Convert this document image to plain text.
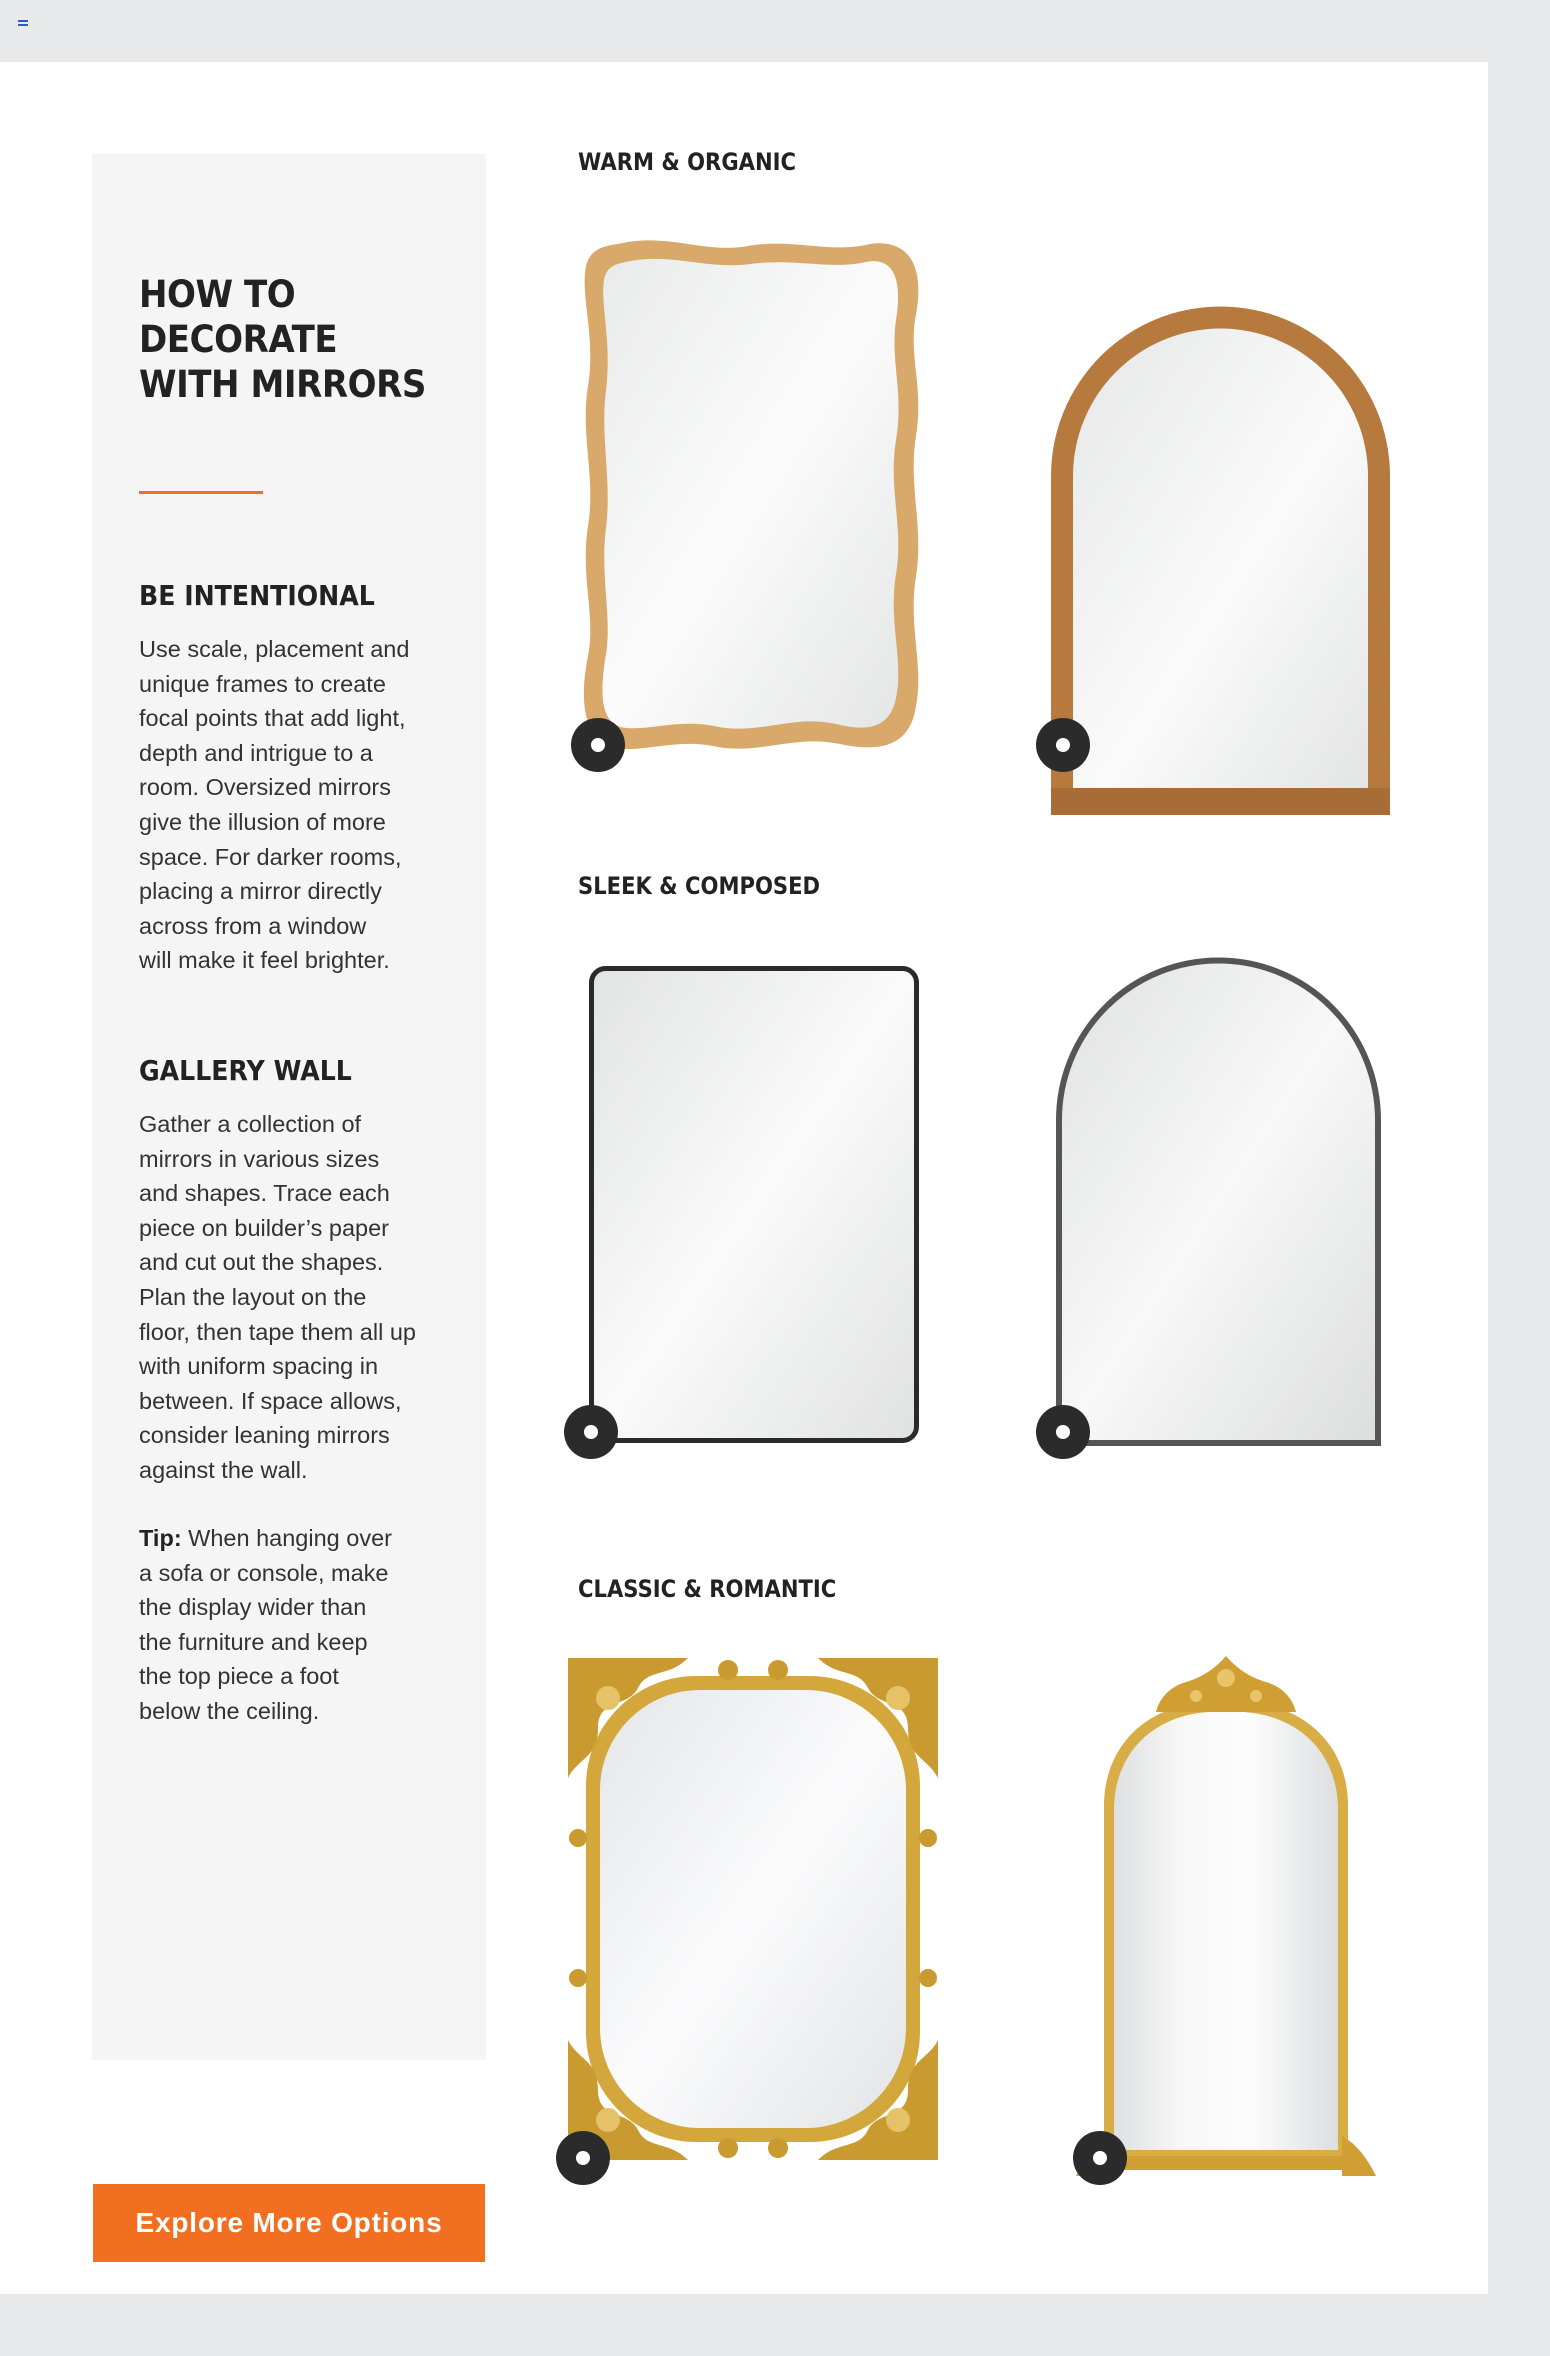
HOW TO
DECORATE
WITH MIRRORS
BE INTENTIONAL

Use scale, placement and
unique frames to create
focal points that add light,
depth and intrigue to a
room. Oversized mirrors
give the illusion of more
space. For darker rooms,
placing a mirror directly
across from a window
will make it feel brighter.

GALLERY WALL

Gather a collection of
mirrors in various sizes
and shapes. Trace each
piece on builder’s paper
and cut out the shapes.
Plan the layout on the
floor, then tape them all up
with uniform spacing in
between. If space allows,
consider leaning mirrors
against the wall.

Tip: When hanging over
a sofa or console, make
the display wider than
the furniture and keep
the top piece a foot
below the ceiling.

Explore More Options
WARM & ORGANIC
SLEEK & COMPOSED
CLASSIC & ROMANTIC
